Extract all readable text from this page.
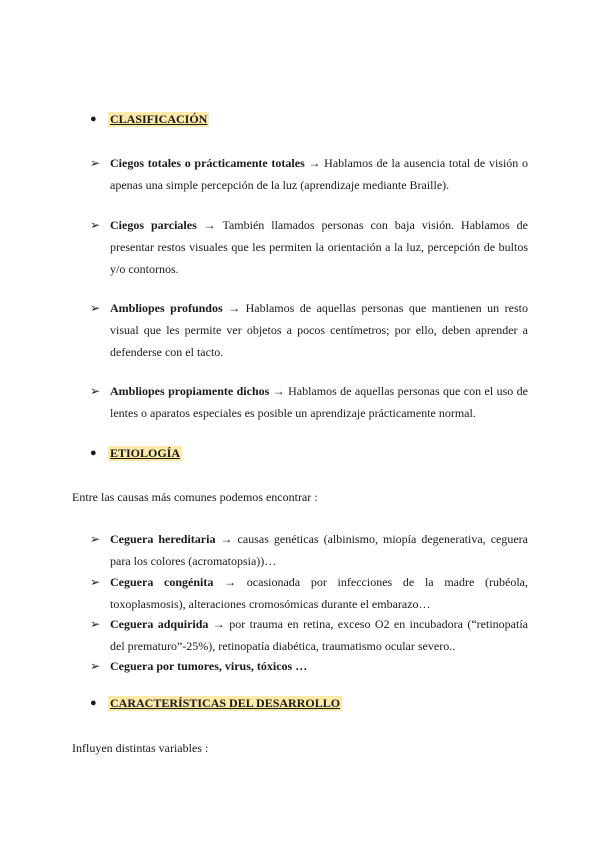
●	CLASIFICACIÓN
➢ Ciegos totales o prácticamente totales → Hablamos de la ausencia total de visión o apenas una simple percepción de la luz (aprendizaje mediante Braille).
➢ Ciegos parciales → También llamados personas con baja visión. Hablamos de presentar restos visuales que les permiten la orientación a la luz, percepción de bultos y/o contornos.
➢ Ambliopes profundos → Hablamos de aquellas personas que mantienen un resto visual que les permite ver objetos a pocos centímetros; por ello, deben aprender a defenderse con el tacto.
➢ Ambliopes propiamente dichos → Hablamos de aquellas personas que con el uso de lentes o aparatos especiales es posible un aprendizaje prácticamente normal.
●	ETIOLOGÍA
Entre las causas más comunes podemos encontrar :
➢ Ceguera hereditaria → causas genéticas (albinismo, miopía degenerativa, ceguera para los colores (acromatopsia))…
➢ Ceguera congénita → ocasionada por infecciones de la madre (rubéola, toxoplasmosis), alteraciones cromosómicas durante el embarazo…
➢ Ceguera adquirida → por trauma en retina, exceso O2 en incubadora (“retinopatía del prematuro”-25%), retinopatía diabética, traumatismo ocular severo..
➢ Ceguera por tumores, virus, tóxicos …
●	CARACTERÍSTICAS DEL DESARROLLO
Influyen distintas variables :
